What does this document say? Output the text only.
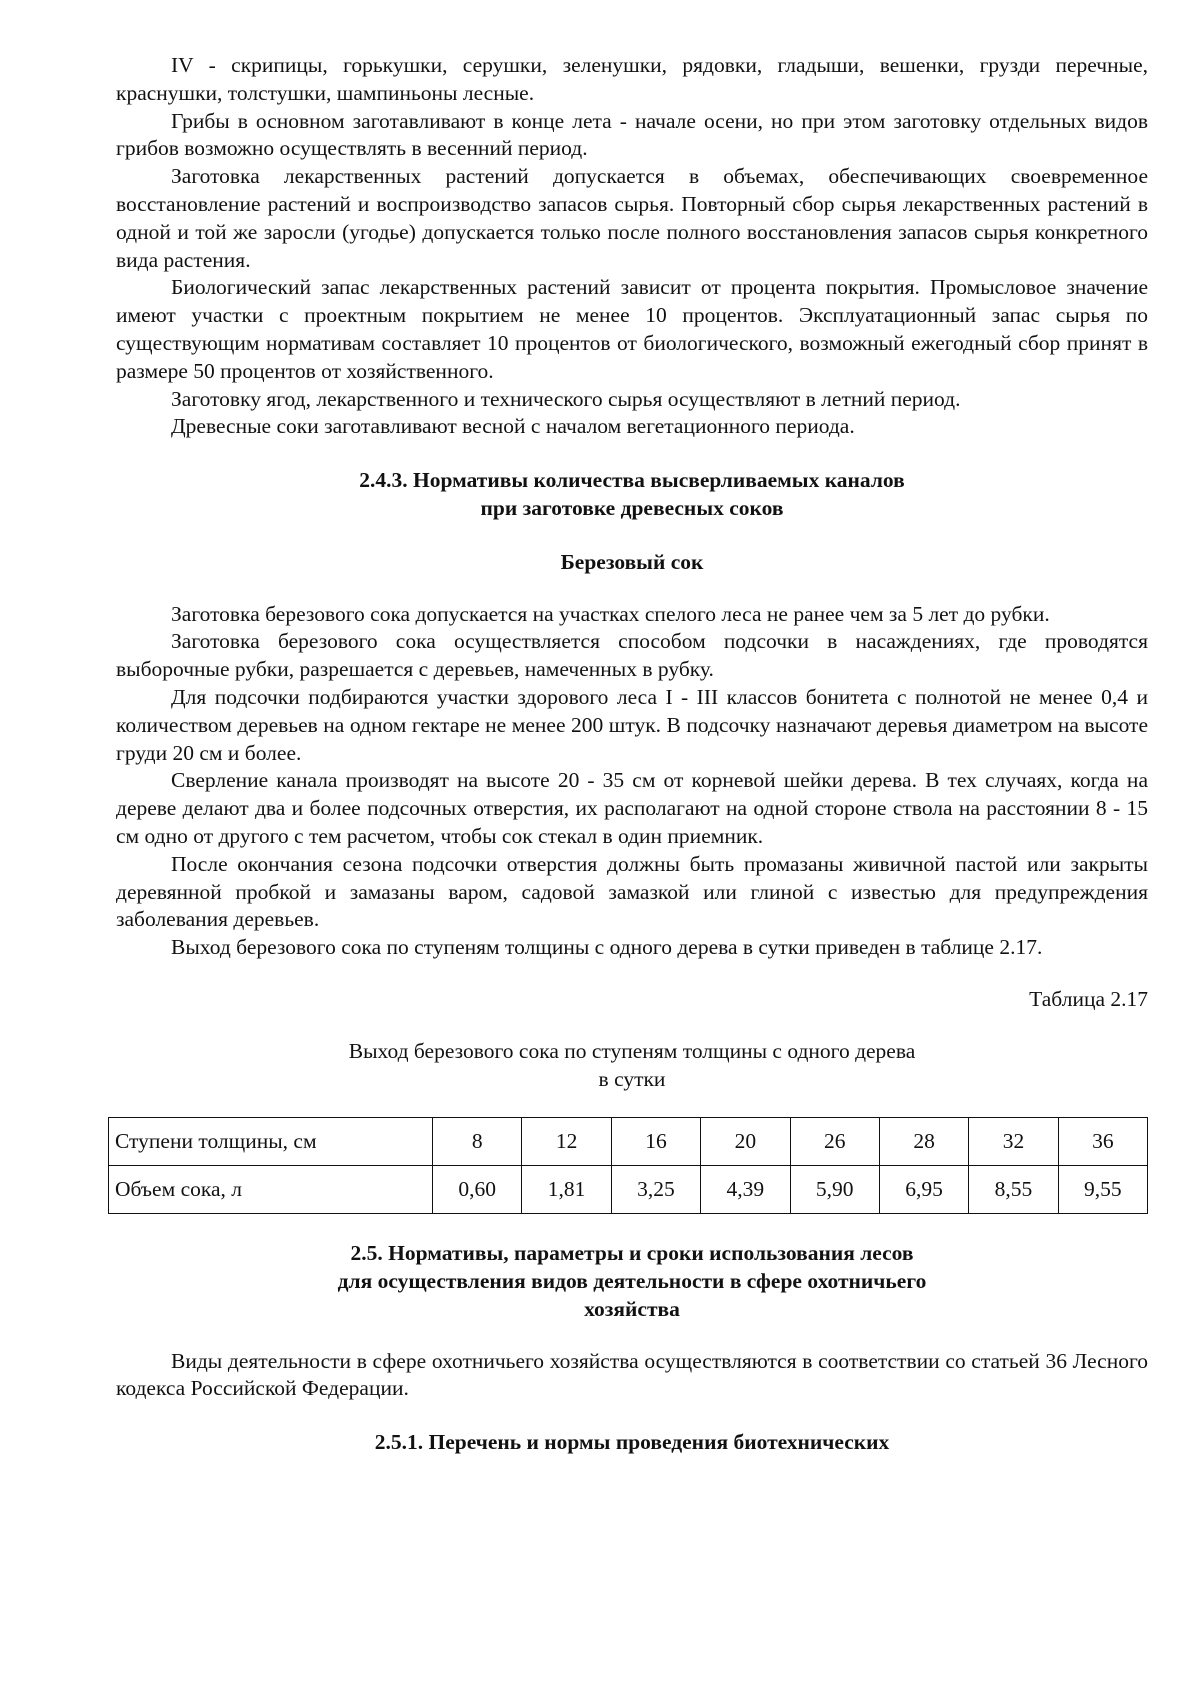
IV - скрипицы, горькушки, серушки, зеленушки, рядовки, гладыши, вешенки, грузди перечные, краснушки, толстушки, шампиньоны лесные.

Грибы в основном заготавливают в конце лета - начале осени, но при этом заготовку отдельных видов грибов возможно осуществлять в весенний период.

Заготовка лекарственных растений допускается в объемах, обеспечивающих своевременное восстановление растений и воспроизводство запасов сырья. Повторный сбор сырья лекарственных растений в одной и той же заросли (угодье) допускается только после полного восстановления запасов сырья конкретного вида растения.

Биологический запас лекарственных растений зависит от процента покрытия. Промысловое значение имеют участки с проектным покрытием не менее 10 процентов. Эксплуатационный запас сырья по существующим нормативам составляет 10 процентов от биологического, возможный ежегодный сбор принят в размере 50 процентов от хозяйственного.

Заготовку ягод, лекарственного и технического сырья осуществляют в летний период.

Древесные соки заготавливают весной с началом вегетационного периода.

2.4.3. Нормативы количества высверливаемых каналов
при заготовке древесных соков
Березовый сок

Заготовка березового сока допускается на участках спелого леса не ранее чем за 5 лет до рубки.

Заготовка березового сока осуществляется способом подсочки в насаждениях, где проводятся выборочные рубки, разрешается с деревьев, намеченных в рубку.

Для подсочки подбираются участки здорового леса I - III классов бонитета с полнотой не менее 0,4 и количеством деревьев на одном гектаре не менее 200 штук. В подсочку назначают деревья диаметром на высоте груди 20 см и более.

Сверление канала производят на высоте 20 - 35 см от корневой шейки дерева. В тех случаях, когда на дереве делают два и более подсочных отверстия, их располагают на одной стороне ствола на расстоянии 8 - 15 см одно от другого с тем расчетом, чтобы сок стекал в один приемник.

После окончания сезона подсочки отверстия должны быть промазаны живичной пастой или закрыты деревянной пробкой и замазаны варом, садовой замазкой или глиной с известью для предупреждения заболевания деревьев.

Выход березового сока по ступеням толщины с одного дерева в сутки приведен в таблице 2.17.

Таблица 2.17
Выход березового сока по ступеням толщины с одного дерева
в сутки
Ступени толщины, см	8	12	16	20	26	28	32	36
Объем сока, л	0,60	1,81	3,25	4,39	5,90	6,95	8,55	9,55
2.5. Нормативы, параметры и сроки использования лесов
для осуществления видов деятельности в сфере охотничьего
хозяйства

Виды деятельности в сфере охотничьего хозяйства осуществляются в соответствии со статьей 36 Лесного кодекса Российской Федерации.

2.5.1. Перечень и нормы проведения биотехнических
